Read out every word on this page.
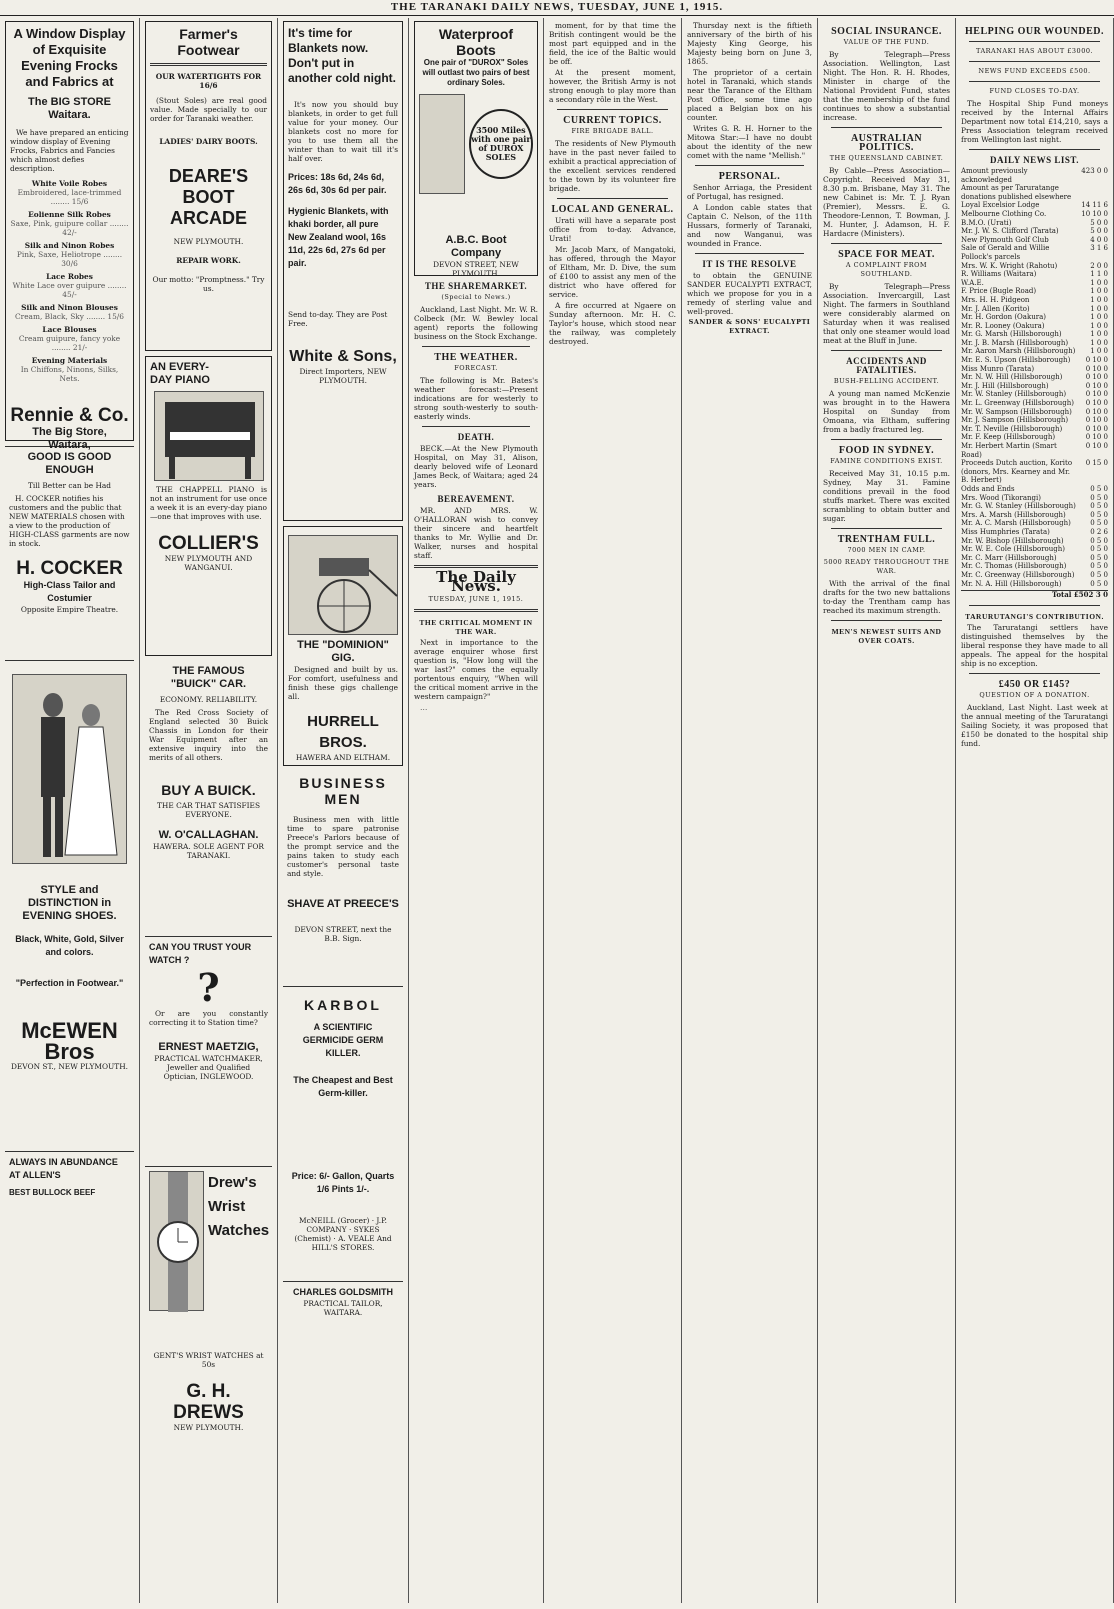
THE TARANAKI DAILY NEWS, TUESDAY, JUNE 1, 1915.
A Window Display of Exquisite Evening Frocks and Fabrics at
The BIG STORE Waitara.

We have prepared an enticing window display of Evening Frocks, Fabrics and Fancies which almost defies description.

White Voile Robes
Embroidered, lace-trimmed ........ 15/6
Eolienne Silk Robes
Saxe, Pink, guipure collar ........ 42/-
Silk and Ninon Robes
Pink, Saxe, Heliotrope ........ 30/6
Lace Robes
White Lace over guipure ........ 45/-
Silk and Ninon Blouses
Cream, Black, Sky ........ 15/6
Lace Blouses
Cream guipure, fancy yoke ........ 21/-
Evening Materials
In Chiffons, Ninons, Silks, Nets.
Rennie & Co.
The Big Store, Waitara,
GOOD IS GOOD ENOUGH
Till Better can be Had

H. COCKER notifies his customers and the public that NEW MATERIALS chosen with a view to the production of HIGH-CLASS garments are now in stock.

H. COCKER
High-Class Tailor and Costumier
Opposite Empire Theatre.
STYLE and DISTINCTION in EVENING SHOES.
Black, White, Gold, Silver and colors.
"Perfection in Footwear."
McEWEN Bros
DEVON ST., NEW PLYMOUTH.
ALWAYS IN ABUNDANCE AT ALLEN'S
BEST BULLOCK BEEF
Farmer's Footwear
OUR WATERTIGHTS FOR 16/6

(Stout Soles) are real good value. Made specially to our order for Taranaki weather.

LADIES' DAIRY BOOTS.
DEARE'S BOOT ARCADE
NEW PLYMOUTH.
REPAIR WORK.
Our motto: "Promptness." Try us.
AN EVERY-DAY PIANO

THE CHAPPELL PIANO is not an instrument for use once a week it is an every-day piano—one that improves with use.

COLLIER'S
NEW PLYMOUTH AND WANGANUI.
THE FAMOUS "BUICK" CAR.
ECONOMY. RELIABILITY.

The Red Cross Society of England selected 30 Buick Chassis in London for their War Equipment after an extensive inquiry into the merits of all others.

BUY A BUICK.
THE CAR THAT SATISFIES EVERYONE.
W. O'CALLAGHAN.
HAWERA. SOLE AGENT FOR TARANAKI.
CAN YOU TRUST YOUR WATCH ?
?

Or are you constantly correcting it to Station time?

ERNEST MAETZIG,
PRACTICAL WATCHMAKER, Jeweller and Qualified Optician, INGLEWOOD.
Drew's Wrist Watches
GENT'S WRIST WATCHES at 50s
G. H. DREWS
NEW PLYMOUTH.
It's time for Blankets now. Don't put in another cold night.

It's now you should buy blankets, in order to get full value for your money. Our blankets cost no more for you to use them all the winter than to wait till it's half over.

Prices: 18s 6d, 24s 6d, 26s 6d, 30s 6d per pair.
Hygienic Blankets, with khaki border, all pure New Zealand wool, 16s 11d, 22s 6d, 27s 6d per pair.
Send to-day. They are Post Free.
White & Sons,
Direct Importers, NEW PLYMOUTH.
THE "DOMINION" GIG.

Designed and built by us. For comfort, usefulness and finish these gigs challenge all.

HURRELL BROS.
HAWERA AND ELTHAM.
BUSINESS MEN

Business men with little time to spare patronise Preece's Parlors because of the prompt service and the pains taken to study each customer's personal taste and style.

SHAVE AT PREECE'S
DEVON STREET, next the B.B. Sign.
KARBOL
A SCIENTIFIC GERMICIDE GERM KILLER.
The Cheapest and Best Germ-killer.
Price: 6/- Gallon, Quarts 1/6 Pints 1/-.
McNEILL (Grocer) · J.P. COMPANY · SYKES (Chemist) · A. VEALE And HILL'S STORES.
CHARLES GOLDSMITH
PRACTICAL TAILOR, WAITARA.
Waterproof Boots
One pair of "DUROX" Soles will outlast two pairs of best ordinary Soles.
3500 Miles with one pair of DUROX SOLES
A.B.C. Boot Company
DEVON STREET, NEW PLYMOUTH.
THE SHAREMARKET.
(Special to News.)

Auckland, Last Night. Mr. W. R. Colbeck (Mr. W. Bewley local agent) reports the following business on the Stock Exchange.

THE WEATHER.
FORECAST.

The following is Mr. Bates's weather forecast:—Present indications are for westerly to strong south-westerly to south-easterly winds.

DEATH.

BECK.—At the New Plymouth Hospital, on May 31, Alison, dearly beloved wife of Leonard James Beck, of Waitara; aged 24 years.

BEREAVEMENT.

MR. AND MRS. W. O'HALLORAN wish to convey their sincere and heartfelt thanks to Mr. Wyllie and Dr. Walker, nurses and hospital staff.

The Daily News.
TUESDAY, JUNE 1, 1915.
THE CRITICAL MOMENT IN THE WAR.

Next in importance to the average enquirer whose first question is, "How long will the war last?" comes the equally portentous enquiry, "When will the critical moment arrive in the western campaign?"

…

moment, for by that time the British contingent would be the most part equipped and in the field, the ice of the Baltic would be off.

At the present moment, however, the British Army is not strong enough to play more than a secondary rôle in the West.

CURRENT TOPICS.
FIRE BRIGADE BALL.

The residents of New Plymouth have in the past never failed to exhibit a practical appreciation of the excellent services rendered to the town by its volunteer fire brigade.

LOCAL AND GENERAL.

Urati will have a separate post office from to-day. Advance, Urati!

Mr. Jacob Marx, of Mangatoki, has offered, through the Mayor of Eltham, Mr. D. Dive, the sum of £100 to assist any men of the district who have offered for service.

A fire occurred at Ngaere on Sunday afternoon. Mr. H. C. Taylor's house, which stood near the railway, was completely destroyed.

Thursday next is the fiftieth anniversary of the birth of his Majesty King George, his Majesty being born on June 3, 1865.

The proprietor of a certain hotel in Taranaki, which stands near the Tarance of the Eltham Post Office, some time ago placed a Belgian box on his counter.

Writes G. R. H. Horner to the Mitowa Star:—I have no doubt about the identity of the new comet with the name "Mellish."

PERSONAL.

Senhor Arriaga, the President of Portugal, has resigned.

A London cable states that Captain C. Nelson, of the 11th Hussars, formerly of Taranaki, and now Wanganui, was wounded in France.

IT IS THE RESOLVE

to obtain the GENUINE SANDER EUCALYPTI EXTRACT, which we propose for you in a remedy of sterling value and well-proved.

SANDER & SONS' EUCALYPTI EXTRACT.
SOCIAL INSURANCE.
VALUE OF THE FUND.

By Telegraph—Press Association. Wellington, Last Night. The Hon. R. H. Rhodes, Minister in charge of the National Provident Fund, states that the membership of the fund continues to show a substantial increase.

AUSTRALIAN POLITICS.
THE QUEENSLAND CABINET.

By Cable—Press Association—Copyright. Received May 31, 8.30 p.m. Brisbane, May 31. The new Cabinet is: Mr. T. J. Ryan (Premier), Messrs. E. G. Theodore-Lennon, T. Bowman, J. M. Hunter, J. Adamson, H. F. Hardacre (Ministers).

SPACE FOR MEAT.
A COMPLAINT FROM SOUTHLAND.

By Telegraph—Press Association. Invercargill, Last Night. The farmers in Southland were considerably alarmed on Saturday when it was realised that only one steamer would load meat at the Bluff in June.

ACCIDENTS AND FATALITIES.
BUSH-FELLING ACCIDENT.

A young man named McKenzie was brought in to the Hawera Hospital on Sunday from Omoana, via Eltham, suffering from a badly fractured leg.

FOOD IN SYDNEY.
FAMINE CONDITIONS EXIST.

Received May 31, 10.15 p.m. Sydney, May 31. Famine conditions prevail in the food stuffs market. There was excited scrambling to obtain butter and sugar.

TRENTHAM FULL.
7000 MEN IN CAMP.
5000 READY THROUGHOUT THE WAR.

With the arrival of the final drafts for the two new battalions to-day the Trentham camp has reached its maximum strength.

MEN'S NEWEST SUITS AND OVER COATS.
HELPING OUR WOUNDED.
TARANAKI HAS ABOUT £3000.
NEWS FUND EXCEEDS £500.
FUND CLOSES TO-DAY.

The Hospital Ship Fund moneys received by the Internal Affairs Department now total £14,210, says a Press Association telegram received from Wellington last night.

DAILY NEWS LIST.
Amount previously acknowledged
423 0 0
Amount as per Taruratange donations published elsewhere
Loyal Excelsior Lodge	14 11 6
Melbourne Clothing Co.	10 10 0
B.M.O. (Urati)	5 0 0
Mr. J. W. S. Clifford (Tarata)	5 0 0
New Plymouth Golf Club	4 0 0
Sale of Gerald and Willie Pollock's parcels
3 1 6
Mrs. W. K. Wright (Rahotu)	2 0 0
R. Williams (Waitara)	1 1 0
W.A.E.	1 0 0
F. Price (Bugle Road)	1 0 0
Mrs. H. H. Pidgeon	1 0 0
Mr. J. Allen (Korito)	1 0 0
Mr. H. Gordon (Oakura)	1 0 0
Mr. R. Looney (Oakura)	1 0 0
Mr. G. Marsh (Hillsborough)	1 0 0
Mr. J. B. Marsh (Hillsborough)	1 0 0
Mr. Aaron Marsh (Hillsborough) 1 0 0
Mr. E. S. Upson (Hillsborough) 0 10 0
Miss Munro (Tarata)	0 10 0
Mr. N. W. Hill (Hillsborough)	0 10 0
Mr. J. Hill (Hillsborough)	0 10 0
Mr. W. Stanley (Hillsborough)	0 10 0
Mr. L. Greenway (Hillsborough) 0 10 0
Mr. W. Sampson (Hillsborough) 0 10 0
Mr. J. Sampson (Hillsborough)	0 10 0
Mr. T. Neville (Hillsborough)	0 10 0
Mr. F. Keep (Hillsborough)	0 10 0
Mr. Herbert Martin (Smart Road)
0 10 0
Proceeds Dutch auction, Korito (donors, Mrs. Kearney and Mr. B. Herbert)
0 15 0
Odds and Ends	0 5 0
Mrs. Wood (Tikorangi)	0 5 0
Mr. G. W. Stanley (Hillsborough) 0 5 0
Mrs. A. Marsh (Hillsborough)	0 5 0
Mr. A. C. Marsh (Hillsborough)	0 5 0
Miss Humphries (Tarata)	0 2 6
Mr. W. Bishop (Hillsborough)	0 5 0
Mr. W. E. Cole (Hillsborough)	0 5 0
Mr. C. Marr (Hillsborough)	0 5 0
Mr. C. Thomas (Hillsborough)	0 5 0
Mr. C. Greenway (Hillsborough) 0 5 0
Mr. N. A. Hill (Hillsborough)	0 5 0
Total £502 3 0
TARURUTANGI'S CONTRIBUTION.

The Taruratangi settlers have distinguished themselves by the liberal response they have made to all appeals. The appeal for the hospital ship is no exception.

£450 OR £145?
QUESTION OF A DONATION.

Auckland, Last Night. Last week at the annual meeting of the Taruratangi Sailing Society, it was proposed that £150 be donated to the hospital ship fund.
